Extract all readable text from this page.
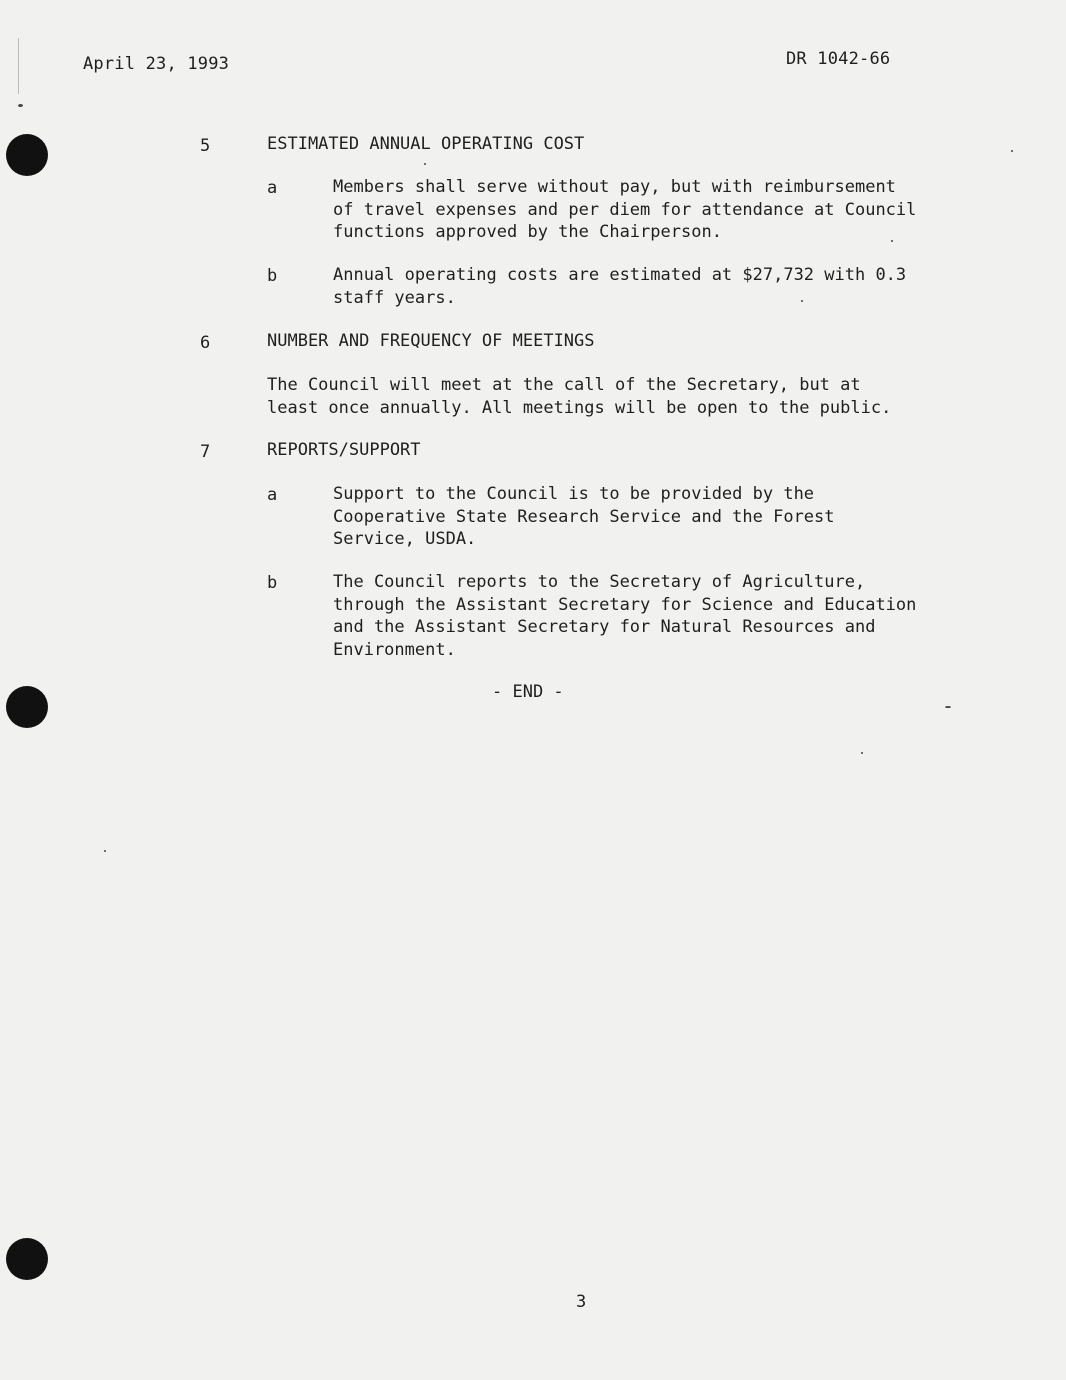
April 23, 1993	DR 1042-66
5	ESTIMATED ANNUAL OPERATING COST
a	Members shall serve without pay, but with reimbursement
of travel expenses and per diem for attendance at Council
functions approved by the Chairperson.
b	Annual operating costs are estimated at $27,732 with 0.3
staff years.
6	NUMBER AND FREQUENCY OF MEETINGS
The Council will meet at the call of the Secretary, but at
least once annually. All meetings will be open to the public.
7	REPORTS/SUPPORT
a	Support to the Council is to be provided by the
Cooperative State Research Service and the Forest
Service, USDA.
b	The Council reports to the Secretary of Agriculture,
through the Assistant Secretary for Science and Education
and the Assistant Secretary for Natural Resources and
Environment.
- END -
3
